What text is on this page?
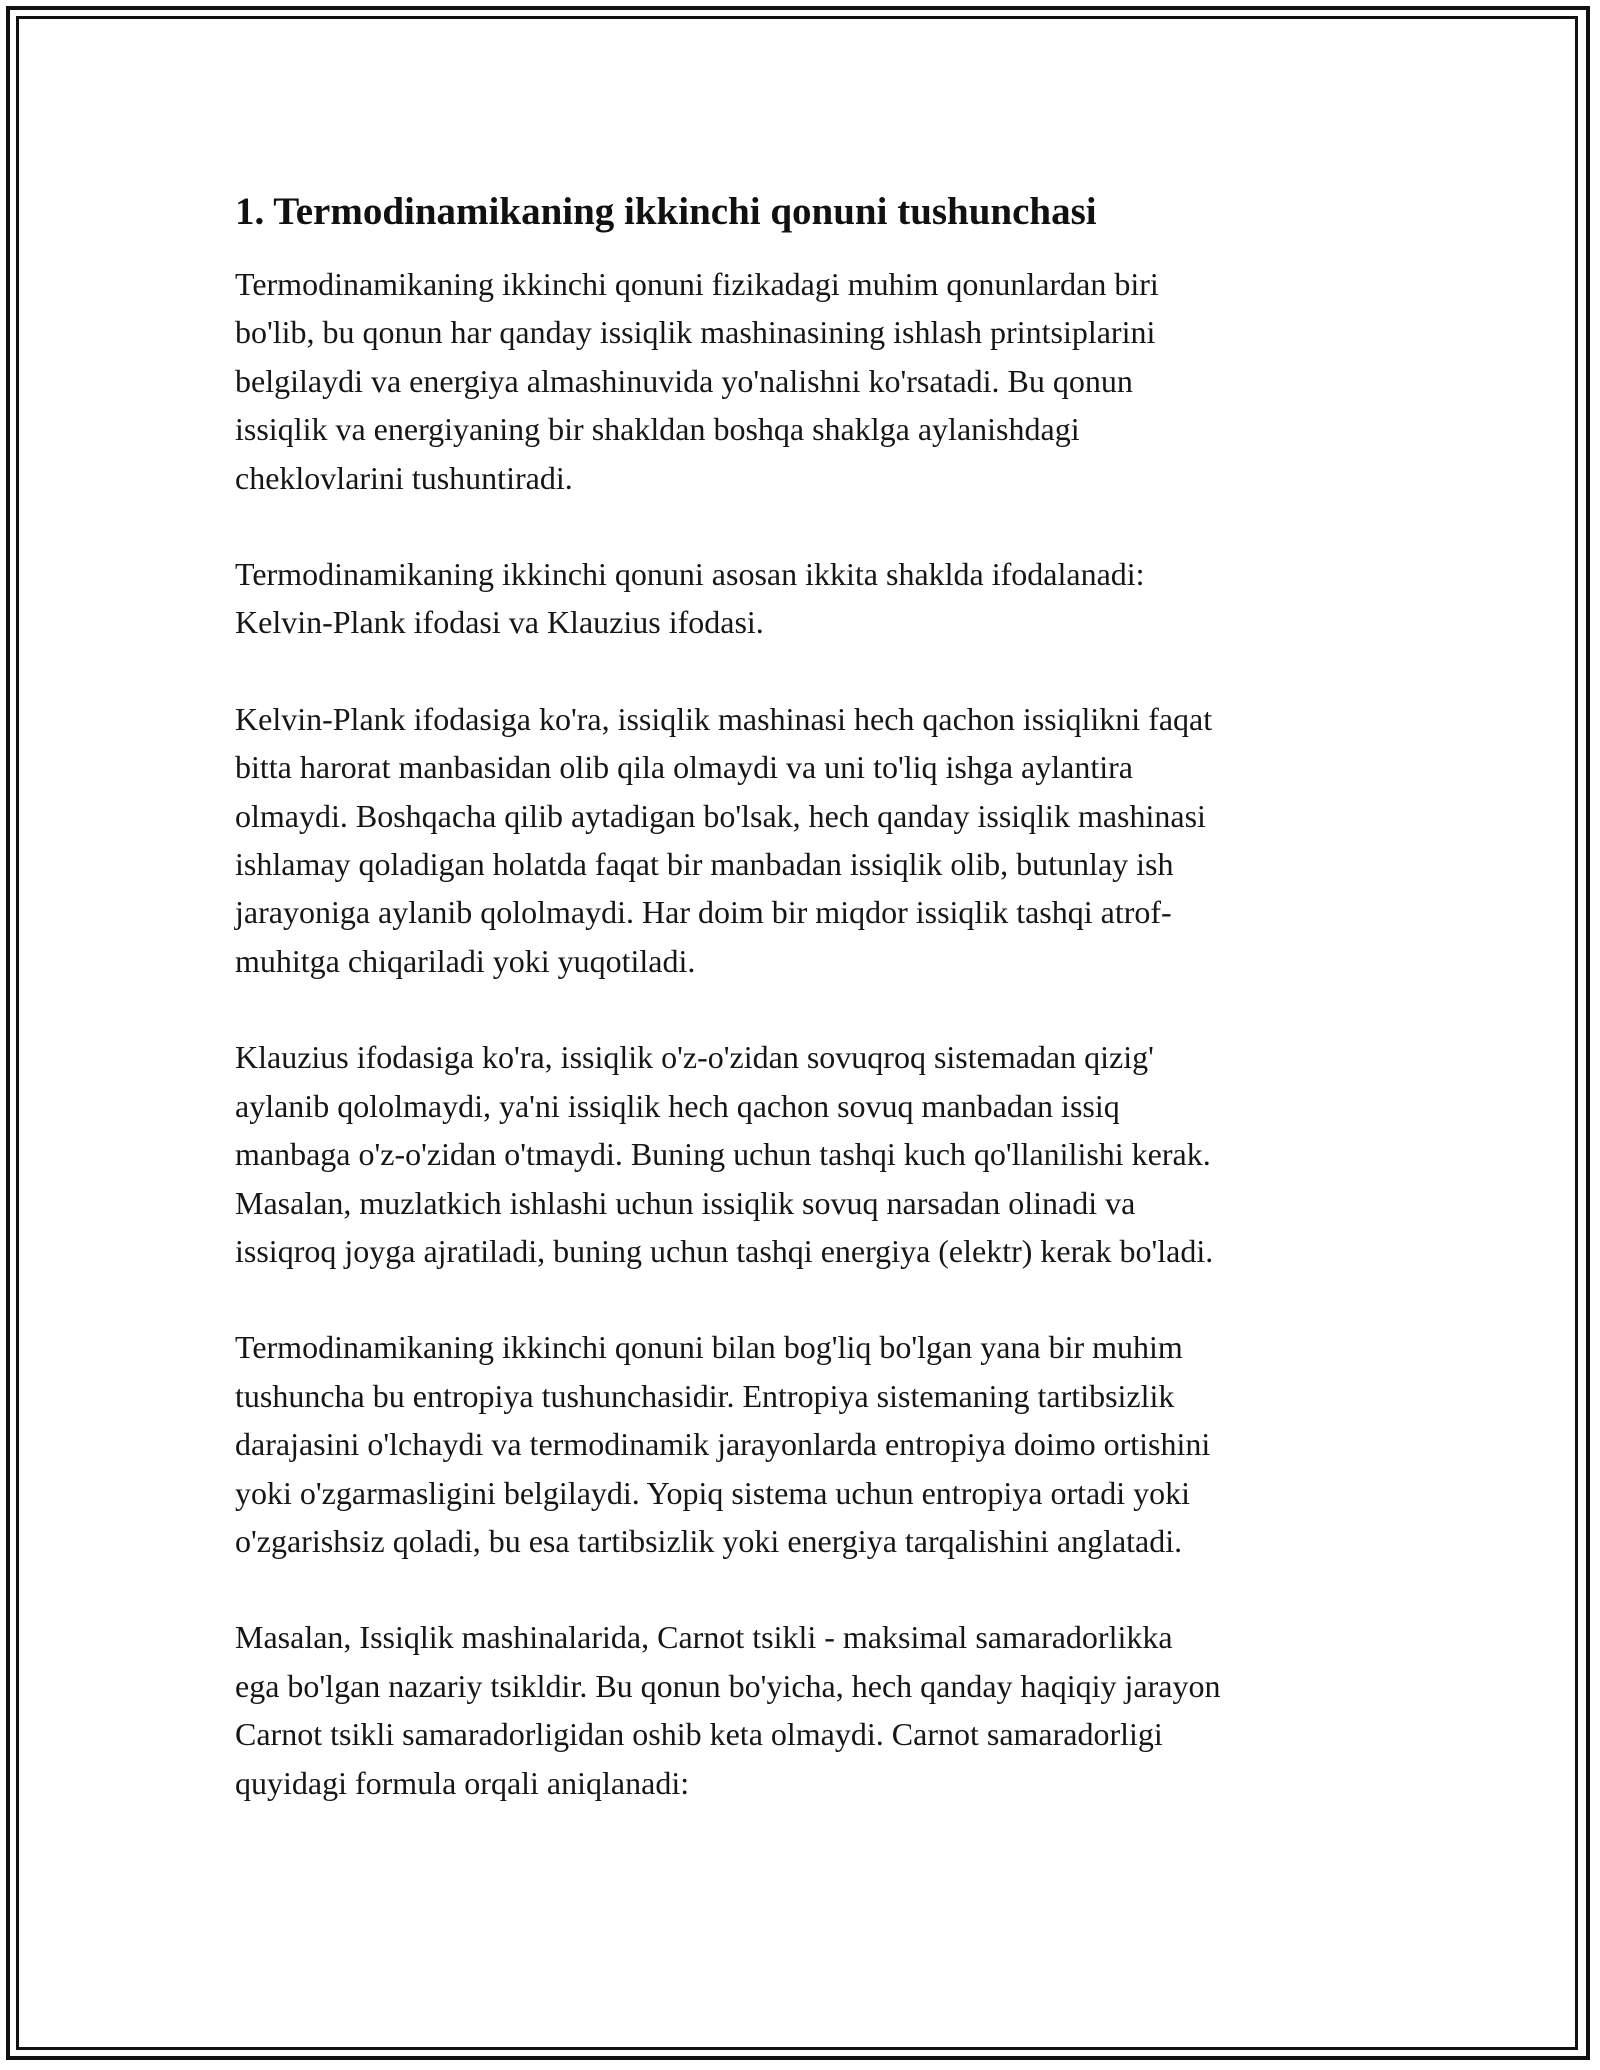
1. Termodinamikaning ikkinchi qonuni tushunchasi

Termodinamikaning ikkinchi qonuni fizikadagi muhim qonunlardan biri
bo'lib, bu qonun har qanday issiqlik mashinasining ishlash printsiplarini
belgilaydi va energiya almashinuvida yo'nalishni ko'rsatadi. Bu qonun
issiqlik va energiyaning bir shakldan boshqa shaklga aylanishdagi
cheklovlarini tushuntiradi.

Termodinamikaning ikkinchi qonuni asosan ikkita shaklda ifodalanadi:
Kelvin-Plank ifodasi va Klauzius ifodasi.

Kelvin-Plank ifodasiga ko'ra, issiqlik mashinasi hech qachon issiqlikni faqat
bitta harorat manbasidan olib qila olmaydi va uni to'liq ishga aylantira
olmaydi. Boshqacha qilib aytadigan bo'lsak, hech qanday issiqlik mashinasi
ishlamay qoladigan holatda faqat bir manbadan issiqlik olib, butunlay ish
jarayoniga aylanib qololmaydi. Har doim bir miqdor issiqlik tashqi atrof-
muhitga chiqariladi yoki yuqotiladi.

Klauzius ifodasiga ko'ra, issiqlik o'z-o'zidan sovuqroq sistemadan qizig'
aylanib qololmaydi, ya'ni issiqlik hech qachon sovuq manbadan issiq
manbaga o'z-o'zidan o'tmaydi. Buning uchun tashqi kuch qo'llanilishi kerak.
Masalan, muzlatkich ishlashi uchun issiqlik sovuq narsadan olinadi va
issiqroq joyga ajratiladi, buning uchun tashqi energiya (elektr) kerak bo'ladi.

Termodinamikaning ikkinchi qonuni bilan bog'liq bo'lgan yana bir muhim
tushuncha bu entropiya tushunchasidir. Entropiya sistemaning tartibsizlik
darajasini o'lchaydi va termodinamik jarayonlarda entropiya doimo ortishini
yoki o'zgarmasligini belgilaydi. Yopiq sistema uchun entropiya ortadi yoki
o'zgarishsiz qoladi, bu esa tartibsizlik yoki energiya tarqalishini anglatadi.

Masalan, Issiqlik mashinalarida, Carnot tsikli - maksimal samaradorlikka
ega bo'lgan nazariy tsikldir. Bu qonun bo'yicha, hech qanday haqiqiy jarayon
Carnot tsikli samaradorligidan oshib keta olmaydi. Carnot samaradorligi
quyidagi formula orqali aniqlanadi:
